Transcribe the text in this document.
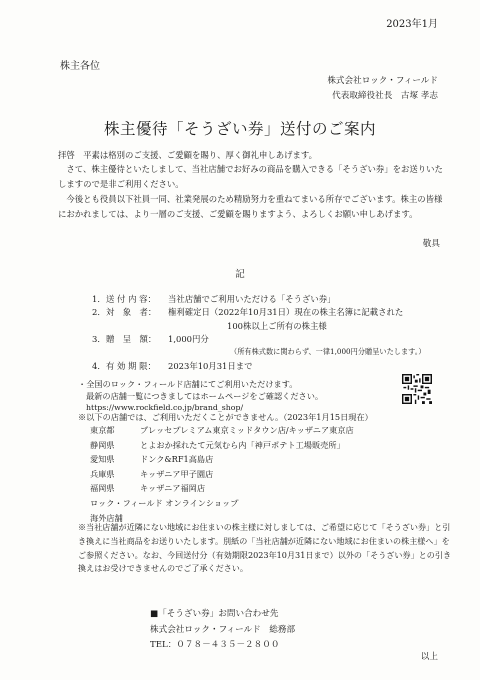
2023年1月
株主各位
株式会社ロック・フィールド
代表取締役社長　古塚 孝志
株主優待「そうざい券」送付のご案内
拝啓　平素は格別のご支援、ご愛顧を賜り、厚く御礼申しあげます。
　さて、株主優待といたしまして、当社店舗でお好みの商品を購入できる「そうざい券」をお送りいたしますので是非ご利用ください。
　今後とも役員以下社員一同、社業発展のため精励努力を重ねてまいる所存でございます。株主の皆様におかれましては、より一層のご支援、ご愛顧を賜りますよう、よろしくお願い申しあげます。
敬具
記
1．送 付 内 容： 当社店舗でご利用いただける「そうざい券」
2．対　象　者： 権利確定日（2022年10月31日）現在の株主名簿に記載された
100株以上ご所有の株主様
3．贈　呈　額： 1,000円分
（所有株式数に関わらず、一律1,000円分贈呈いたします。）
4．有 効 期 限： 2023年10月31日まで
・全国のロック・フィールド店舗にてご利用いただけます。
最新の店舗一覧につきましてはホームページをご確認ください。
https://www.rockfield.co.jp/brand_shop/
※以下の店舗では、ご利用いただくことができません。（2023年1月15日現在）
東京都	プレッセプレミアム東京ミッドタウン店/キッザニア東京店
静岡県	とよおか採れたて元気むら内「神戸ポテト工場販売所」
愛知県	ドンク&RF1高島店
兵庫県	キッザニア甲子園店
福岡県	キッザニア福岡店
ロック・フィールド オンラインショップ
海外店舗
※当社店舗が近隣にない地域にお住まいの株主様に対しましては、ご希望に応じて「そうざい券」と引き換えに当社商品をお送りいたします。別紙の「当社店舗が近隣にない地域にお住まいの株主様へ」をご参照ください。なお、今回送付分（有効期限2023年10月31日まで）以外の「そうざい券」との引き換えはお受けできませんのでご了承ください。
■「そうざい券」お問い合わせ先
株式会社ロック・フィールド　総務部
TEL：０７８－４３５－２８００
以上
